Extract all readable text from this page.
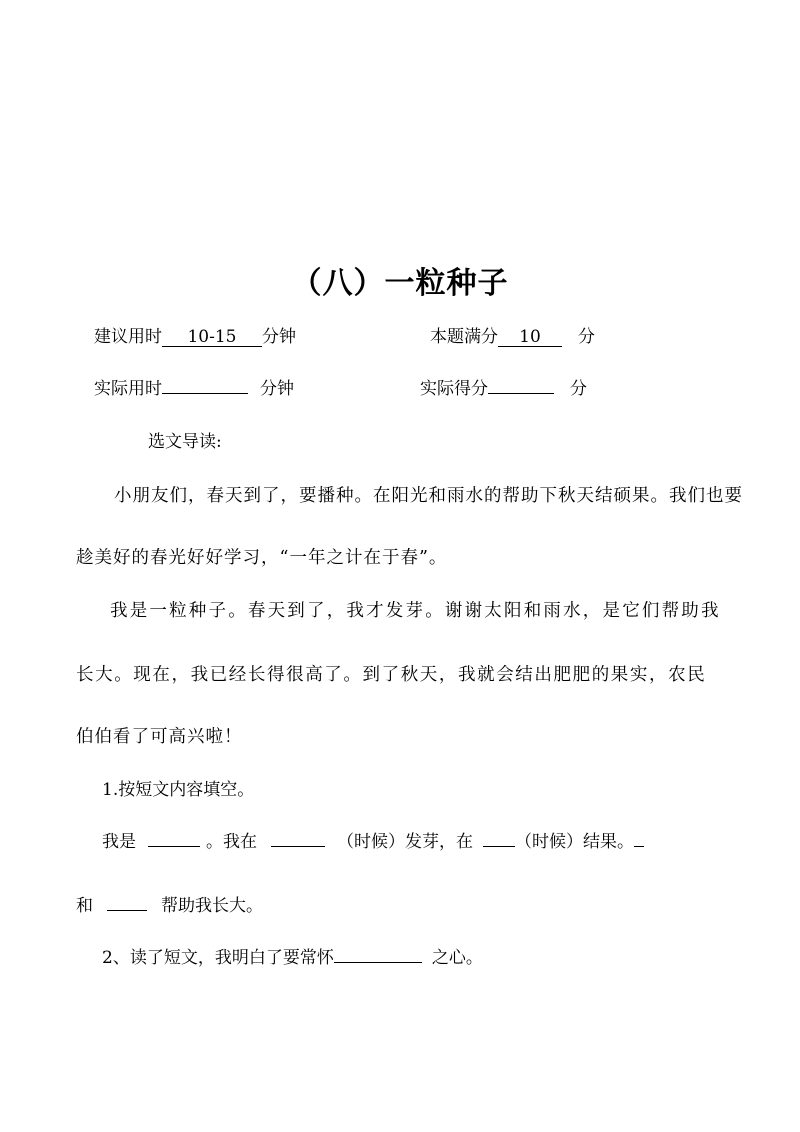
（八）一粒种子
建议用时 10-15 分钟	本题满分 10 分
实际用时	分钟	实际得分	分
选文导读:
小朋友们，春天到了，要播种。在阳光和雨水的帮助下秋天结硕果。我们也要
趁美好的春光好好学习，“一年之计在于春”。
我是一粒种子。春天到了，我才发芽。谢谢太阳和雨水，是它们帮助我
长大。现在，我已经长得很高了。到了秋天，我就会结出肥肥的果实，农民
伯伯看了可高兴啦！
1.按短文内容填空。
我是	。我在	（时候）发芽，在 （时候）结果。
和	帮助我长大。
2、读了短文，我明白了要常怀	之心。
